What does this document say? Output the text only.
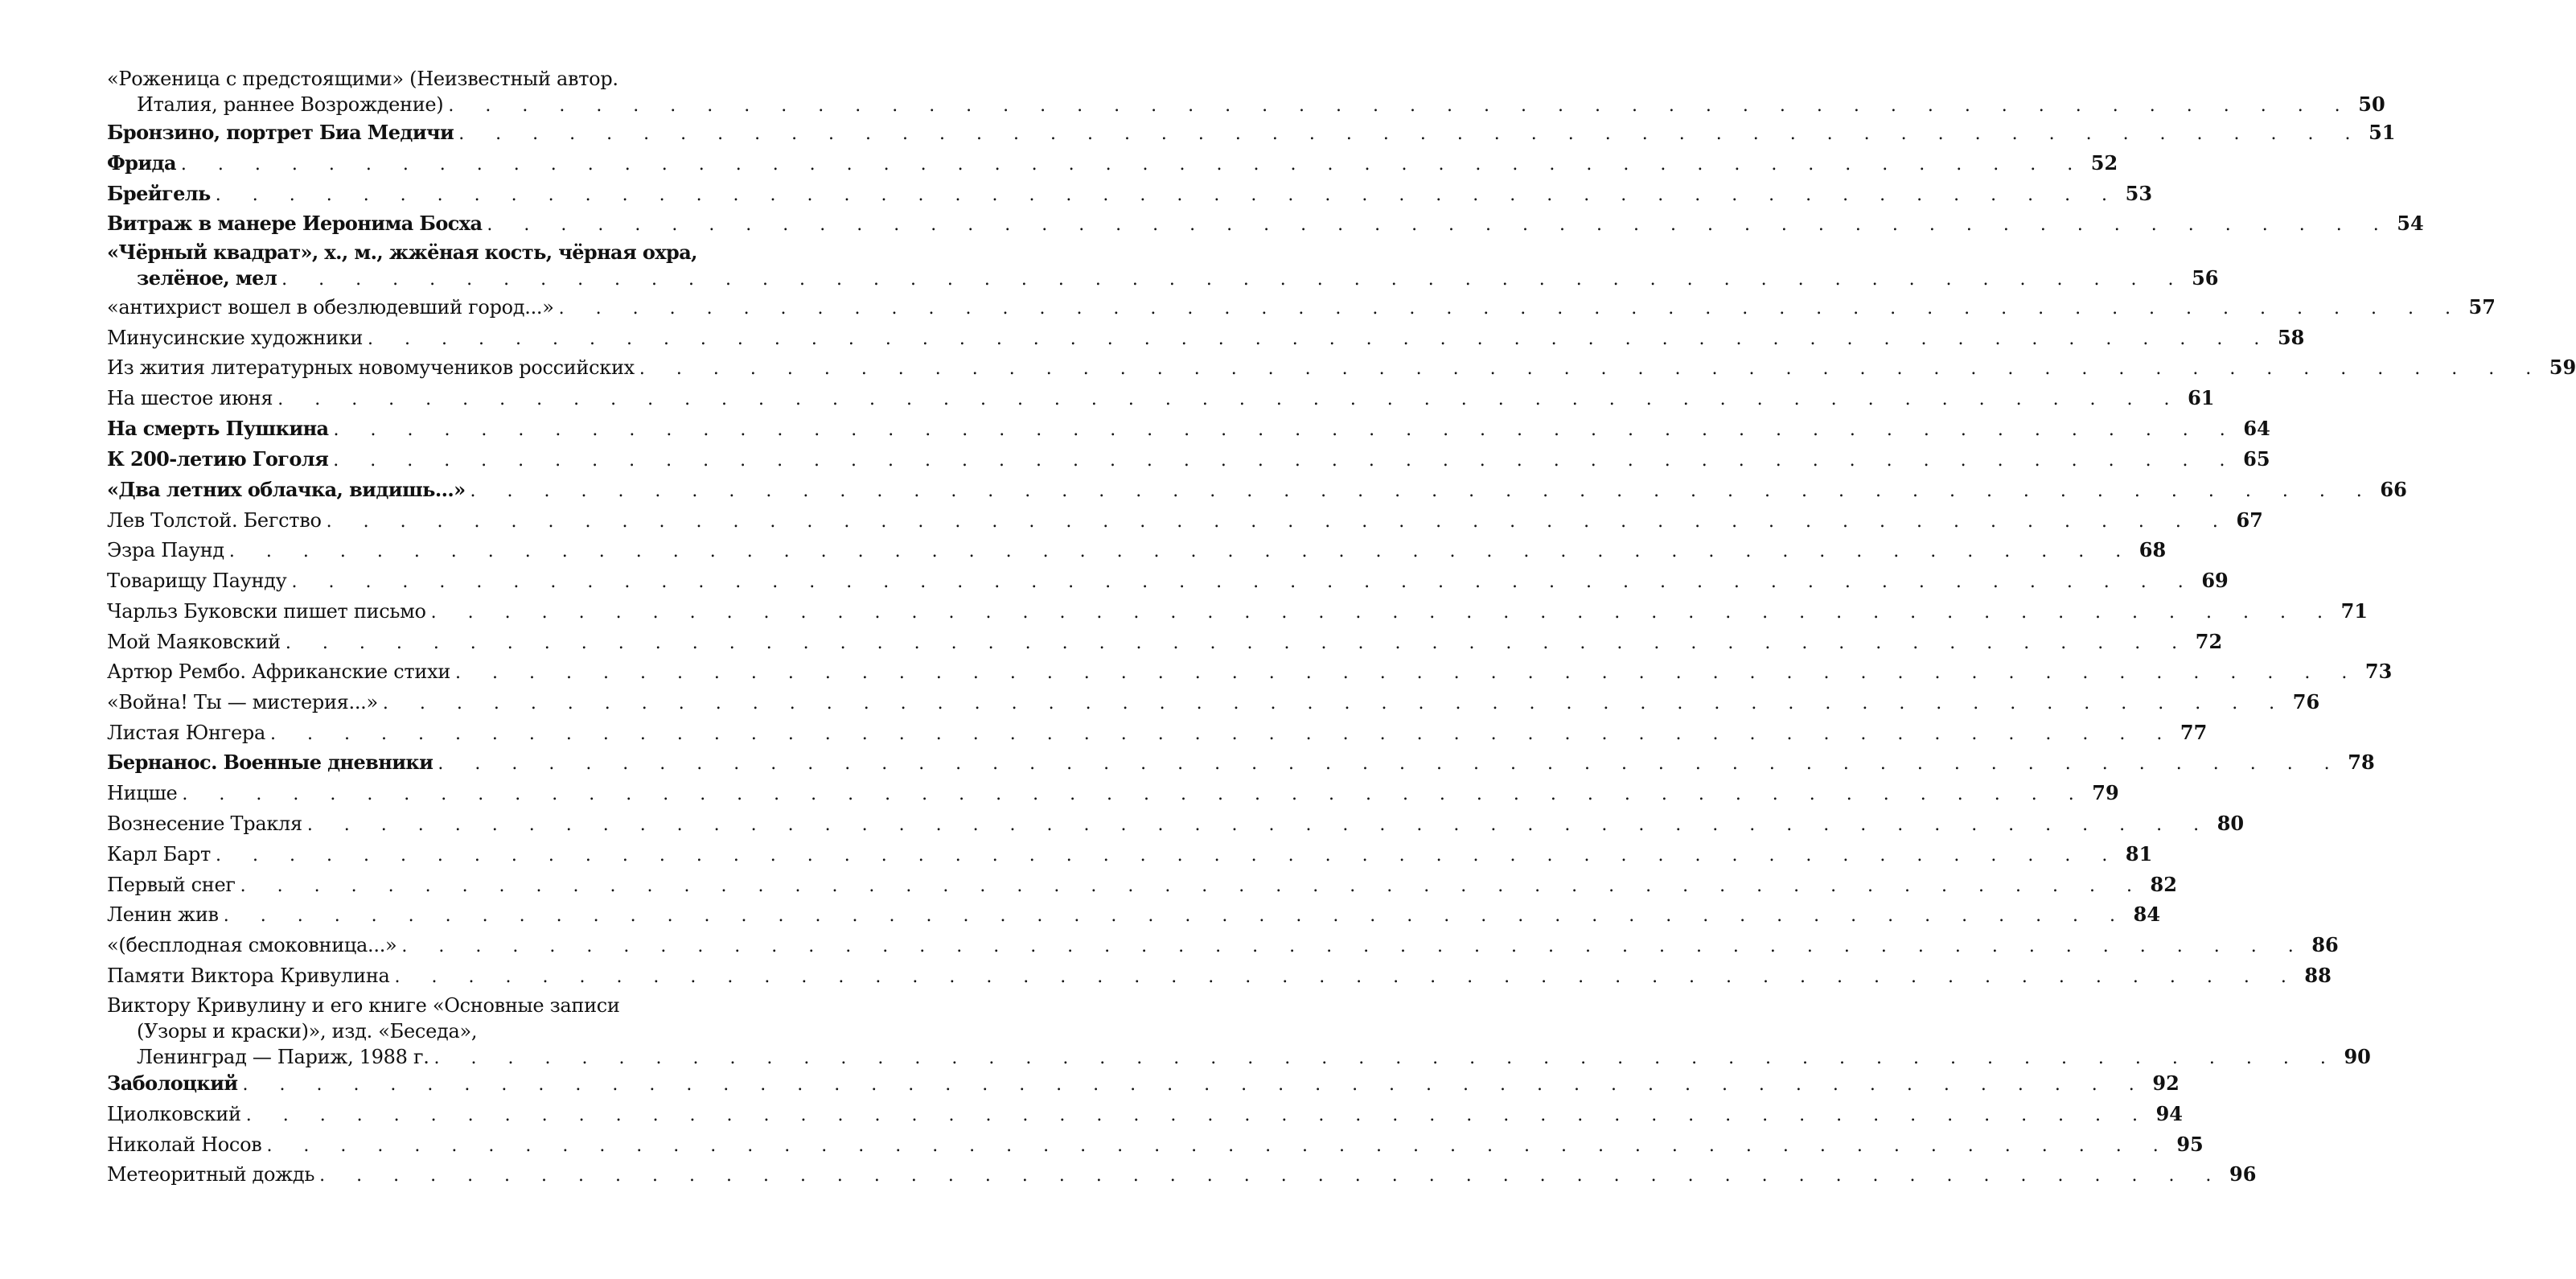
«Роженица с предстоящими» (Неизвестный автор.
Италия, раннее Возрождение) . . . . . . . . . . . . . . . . . . . . . . . . . . . . . . . . . . . . . . . . . . . . . . . . . . . . 50
Бронзино, портрет Биа Медичи . . . . . . . . . . . . . . . . . . . . . . . . . . . . . . . . . . . . . . . . . . . . . . . . . . . . 51
Фрида . . . . . . . . . . . . . . . . . . . . . . . . . . . . . . . . . . . . . . . . . . . . . . . . . . . . 52
Брейгель . . . . . . . . . . . . . . . . . . . . . . . . . . . . . . . . . . . . . . . . . . . . . . . . . . . . 53
Витраж в манере Иеронима Босха . . . . . . . . . . . . . . . . . . . . . . . . . . . . . . . . . . . . . . . . . . . . . . . . . . . . 54
«Чёрный квадрат», х., м., жжёная кость, чёрная охра,
зелёное, мел . . . . . . . . . . . . . . . . . . . . . . . . . . . . . . . . . . . . . . . . . . . . . . . . . . . . 56
«антихрист вошел в обезлюдевший город...» . . . . . . . . . . . . . . . . . . . . . . . . . . . . . . . . . . . . . . . . . . . . . . . . . . . . 57
Минусинские художники . . . . . . . . . . . . . . . . . . . . . . . . . . . . . . . . . . . . . . . . . . . . . . . . . . . . 58
Из жития литературных новомучеников российских . . . . . . . . . . . . . . . . . . . . . . . . . . . . . . . . . . . . . . . . . . . . . . . . . . . . 59
На шестое июня . . . . . . . . . . . . . . . . . . . . . . . . . . . . . . . . . . . . . . . . . . . . . . . . . . . . 61
На смерть Пушкина . . . . . . . . . . . . . . . . . . . . . . . . . . . . . . . . . . . . . . . . . . . . . . . . . . . . 64
К 200-летию Гоголя . . . . . . . . . . . . . . . . . . . . . . . . . . . . . . . . . . . . . . . . . . . . . . . . . . . . 65
«Два летних облачка, видишь...» . . . . . . . . . . . . . . . . . . . . . . . . . . . . . . . . . . . . . . . . . . . . . . . . . . . . 66
Лев Толстой. Бегство . . . . . . . . . . . . . . . . . . . . . . . . . . . . . . . . . . . . . . . . . . . . . . . . . . . . 67
Эзра Паунд . . . . . . . . . . . . . . . . . . . . . . . . . . . . . . . . . . . . . . . . . . . . . . . . . . . . 68
Товарищу Паунду . . . . . . . . . . . . . . . . . . . . . . . . . . . . . . . . . . . . . . . . . . . . . . . . . . . . 69
Чарльз Буковски пишет письмо . . . . . . . . . . . . . . . . . . . . . . . . . . . . . . . . . . . . . . . . . . . . . . . . . . . . 71
Мой Маяковский . . . . . . . . . . . . . . . . . . . . . . . . . . . . . . . . . . . . . . . . . . . . . . . . . . . . 72
Артюр Рембо. Африканские стихи . . . . . . . . . . . . . . . . . . . . . . . . . . . . . . . . . . . . . . . . . . . . . . . . . . . . 73
«Война! Ты — мистерия...» . . . . . . . . . . . . . . . . . . . . . . . . . . . . . . . . . . . . . . . . . . . . . . . . . . . . 76
Листая Юнгера . . . . . . . . . . . . . . . . . . . . . . . . . . . . . . . . . . . . . . . . . . . . . . . . . . . . 77
Бернанос. Военные дневники . . . . . . . . . . . . . . . . . . . . . . . . . . . . . . . . . . . . . . . . . . . . . . . . . . . . 78
Ницше . . . . . . . . . . . . . . . . . . . . . . . . . . . . . . . . . . . . . . . . . . . . . . . . . . . . 79
Вознесение Тракля . . . . . . . . . . . . . . . . . . . . . . . . . . . . . . . . . . . . . . . . . . . . . . . . . . . . 80
Карл Барт . . . . . . . . . . . . . . . . . . . . . . . . . . . . . . . . . . . . . . . . . . . . . . . . . . . . 81
Первый снег . . . . . . . . . . . . . . . . . . . . . . . . . . . . . . . . . . . . . . . . . . . . . . . . . . . . 82
Ленин жив . . . . . . . . . . . . . . . . . . . . . . . . . . . . . . . . . . . . . . . . . . . . . . . . . . . . 84
«(бесплодная смоковница...» . . . . . . . . . . . . . . . . . . . . . . . . . . . . . . . . . . . . . . . . . . . . . . . . . . . . 86
Памяти Виктора Кривулина . . . . . . . . . . . . . . . . . . . . . . . . . . . . . . . . . . . . . . . . . . . . . . . . . . . . 88
Виктору Кривулину и его книге «Основные записи
(Узоры и краски)», изд. «Беседа»,
Ленинград — Париж, 1988 г. . . . . . . . . . . . . . . . . . . . . . . . . . . . . . . . . . . . . . . . . . . . . . . . . . . . . 90
Заболоцкий . . . . . . . . . . . . . . . . . . . . . . . . . . . . . . . . . . . . . . . . . . . . . . . . . . . . 92
Циолковский . . . . . . . . . . . . . . . . . . . . . . . . . . . . . . . . . . . . . . . . . . . . . . . . . . . . 94
Николай Носов . . . . . . . . . . . . . . . . . . . . . . . . . . . . . . . . . . . . . . . . . . . . . . . . . . . . 95
Метеоритный дождь . . . . . . . . . . . . . . . . . . . . . . . . . . . . . . . . . . . . . . . . . . . . . . . . . . . . 96
